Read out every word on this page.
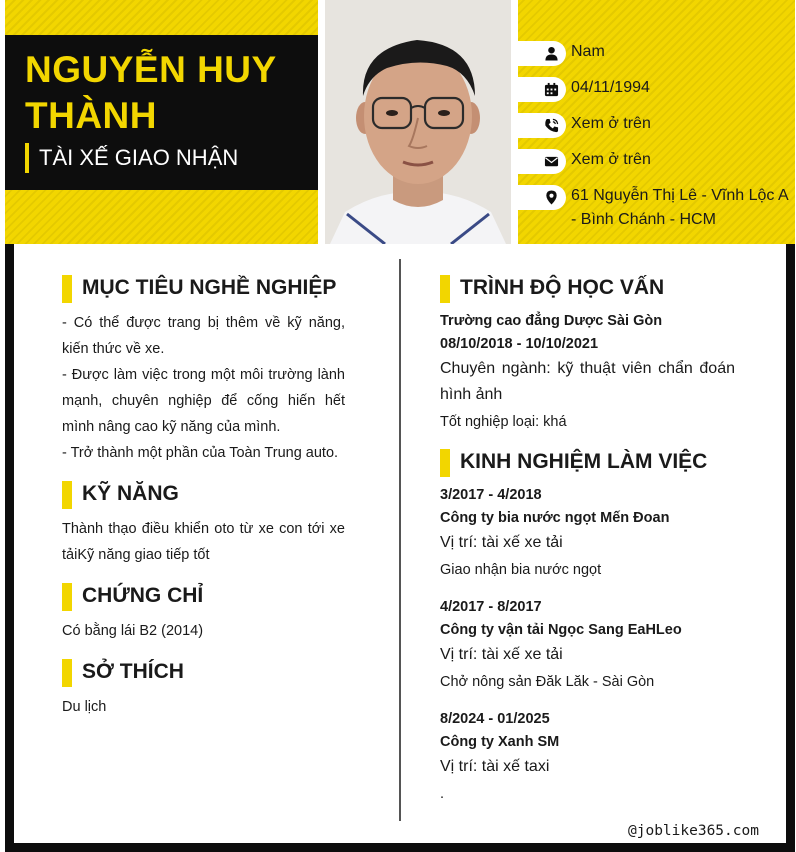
NGUYỄN HUY
THÀNH
TÀI XẾ GIAO NHẬN
Nam
04/11/1994
Xem ở trên
Xem ở trên
61 Nguyễn Thị Lê - Vĩnh Lộc A - Bình Chánh - HCM
MỤC TIÊU NGHỀ NGHIỆP
- Có thể được trang bị thêm về kỹ năng, kiến thức về xe.
- Được làm việc trong một môi trường lành mạnh, chuyên nghiệp để cống hiến hết mình nâng cao kỹ năng của mình.
- Trở thành một phần của Toàn Trung auto.
KỸ NĂNG
Thành thạo điều khiển oto từ xe con tới xe tảiKỹ năng giao tiếp tốt
CHỨNG CHỈ
Có bằng lái B2 (2014)
SỞ THÍCH
Du lịch
TRÌNH ĐỘ HỌC VẤN
Trường cao đẳng Dược Sài Gòn
08/10/2018 - 10/10/2021
Chuyên ngành: kỹ thuật viên chẩn đoán hình ảnh
Tốt nghiệp loại: khá
KINH NGHIỆM LÀM VIỆC
3/2017 - 4/2018
Công ty bia nước ngọt Mến Đoan
Vị trí: tài xế xe tải
Giao nhận bia nước ngọt
4/2017 - 8/2017
Công ty vận tải Ngọc Sang EaHLeo
Vị trí: tài xế xe tải
Chở nông sản Đăk Lăk - Sài Gòn
8/2024 - 01/2025
Công ty Xanh SM
Vị trí: tài xế taxi
.
@joblike365.com
